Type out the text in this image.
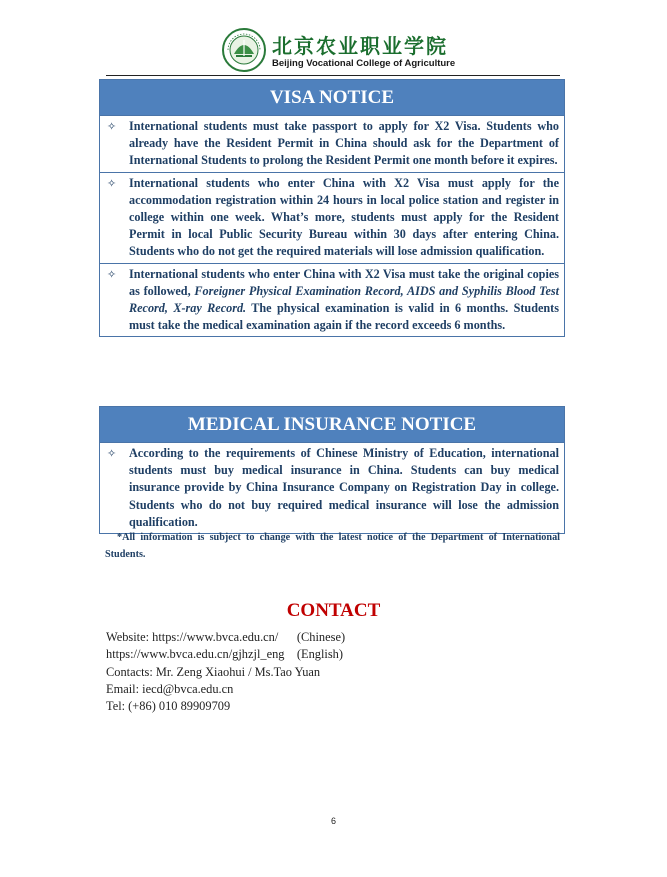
北京农业职业学院
Beijing Vocational College of Agriculture
VISA NOTICE
✧ International students must take passport to apply for X2 Visa. Students who already have the Resident Permit in China should ask for the Department of International Students to prolong the Resident Permit one month before it expires.
✧ International students who enter China with X2 Visa must apply for the accommodation registration within 24 hours in local police station and register in college within one week. What’s more, students must apply for the Resident Permit in local Public Security Bureau within 30 days after entering China. Students who do not get the required materials will lose admission qualification.
✧ International students who enter China with X2 Visa must take the original copies as followed, Foreigner Physical Examination Record, AIDS and Syphilis Blood Test Record, X-ray Record. The physical examination is valid in 6 months. Students must take the medical examination again if the record exceeds 6 months.
MEDICAL INSURANCE NOTICE
✧ According to the requirements of Chinese Ministry of Education, international students must buy medical insurance in China. Students can buy medical insurance provide by China Insurance Company on Registration Day in college. Students who do not buy required medical insurance will lose the admission qualification.
*All information is subject to change with the latest notice of the Department of International Students.
CONTACT
Website: https://www.bvca.edu.cn/      (Chinese)
https://www.bvca.edu.cn/gjhzjl_eng    (English)
Contacts: Mr. Zeng Xiaohui / Ms.Tao Yuan
Email: iecd@bvca.edu.cn
Tel: (+86) 010 89909709
6
